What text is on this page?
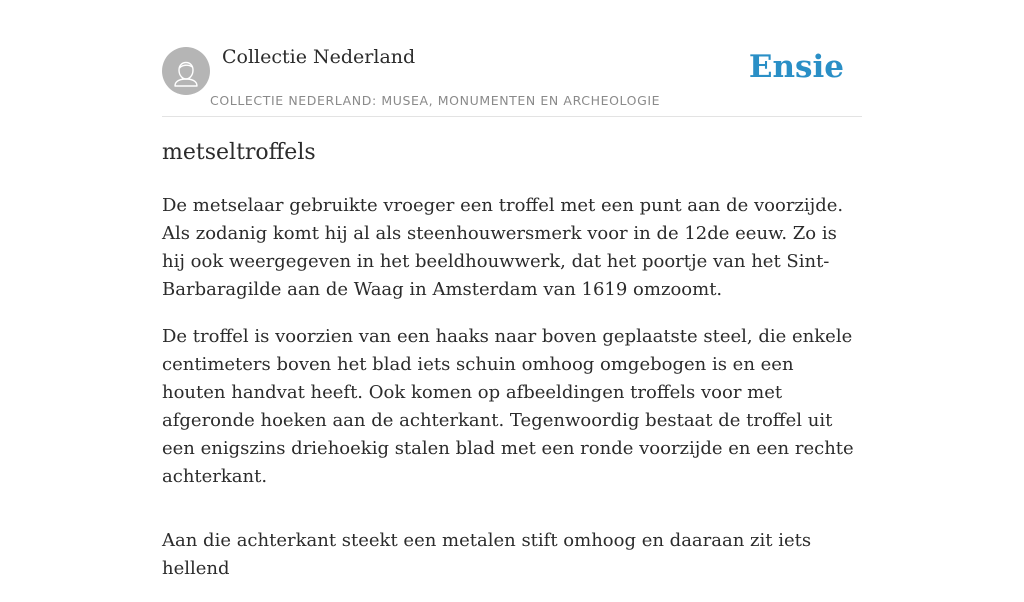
Collectie Nederland
COLLECTIE NEDERLAND: MUSEA, MONUMENTEN EN ARCHEOLOGIE
Ensie
metseltroffels

De metselaar gebruikte vroeger een troffel met een punt aan de voorzijde. Als zodanig komt hij al als steenhouwersmerk voor in de 12de eeuw. Zo is hij ook weergegeven in het beeldhouwwerk, dat het poortje van het Sint-Barbaragilde aan de Waag in Amsterdam van 1619 omzoomt.

De troffel is voorzien van een haaks naar boven geplaatste steel, die enkele centimeters boven het blad iets schuin omhoog omgebogen is en een houten handvat heeft. Ook komen op afbeeldingen troffels voor met afgeronde hoeken aan de achterkant. Tegenwoordig bestaat de troffel uit een enigszins driehoekig stalen blad met een ronde voorzijde en een rechte achterkant.

Aan die achterkant steekt een metalen stift omhoog en daaraan zit iets hellend
